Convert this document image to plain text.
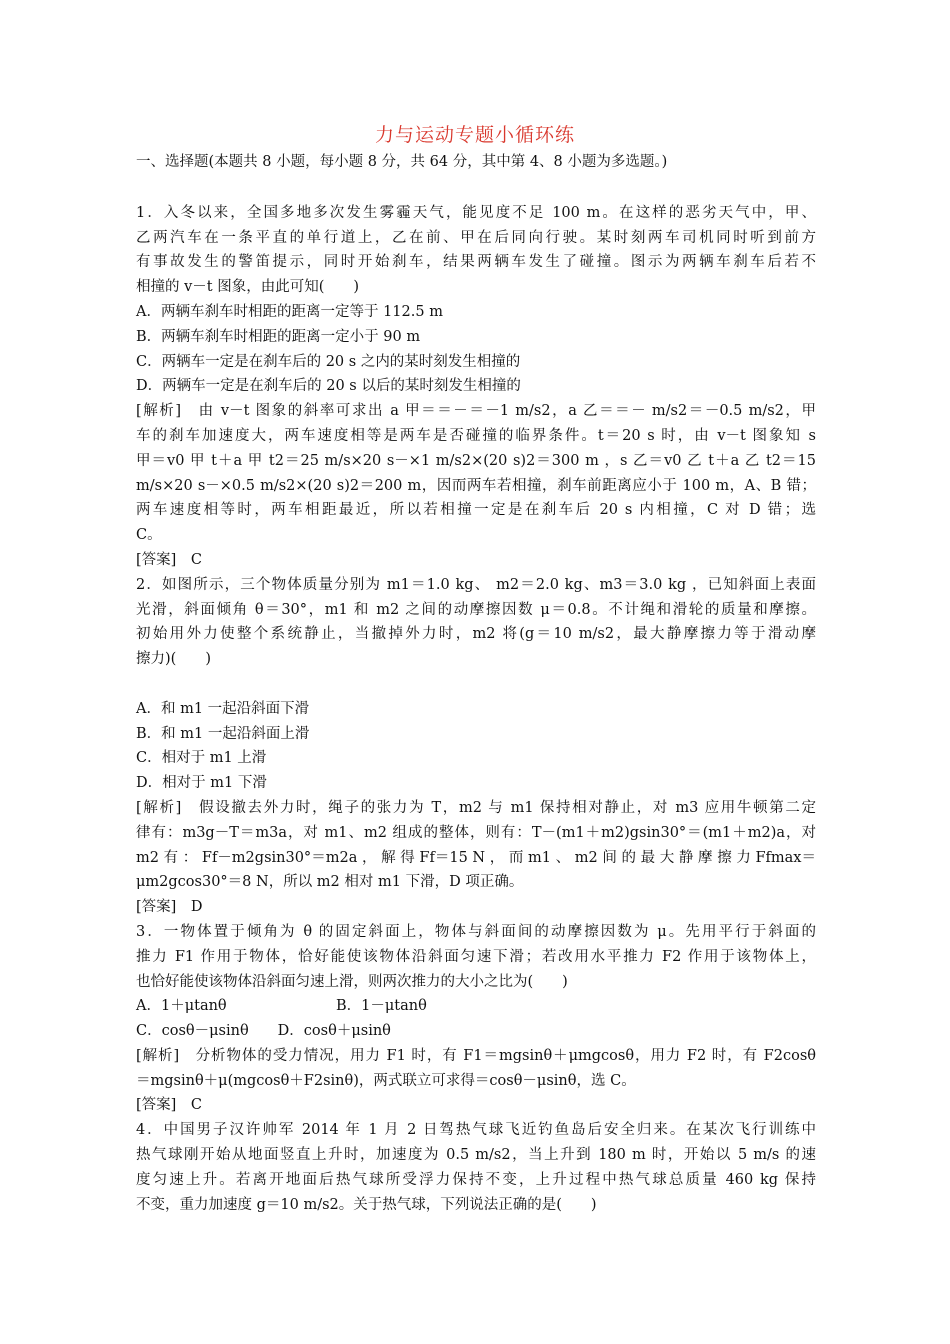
力与运动专题小循环练
一、选择题(本题共 8 小题，每小题 8 分，共 64 分，其中第 4、8 小题为多选题。)
1．入冬以来，全国多地多次发生雾霾天气，能见度不足 100 m。在这样的恶劣天气中，甲、
乙两汽车在一条平直的单行道上，乙在前、甲在后同向行驶。某时刻两车司机同时听到前方
有事故发生的警笛提示，同时开始刹车，结果两辆车发生了碰撞。图示为两辆车刹车后若不
相撞的 v－t 图象，由此可知(　　)
A．两辆车刹车时相距的距离一定等于 112.5 m
B．两辆车刹车时相距的距离一定小于 90 m
C．两辆车一定是在刹车后的 20 s 之内的某时刻发生相撞的
D．两辆车一定是在刹车后的 20 s 以后的某时刻发生相撞的
[解析]　由 v－t 图象的斜率可求出 a 甲＝＝－＝－1 m/s2，a 乙＝＝－ m/s2＝－0.5 m/s2，甲
车的刹车加速度大，两车速度相等是两车是否碰撞的临界条件。t＝20 s 时，由 v－t 图象知 s
甲＝v0 甲 t＋a 甲 t2＝25 m/s×20 s－×1 m/s2×(20 s)2＝300 m ，s 乙＝v0 乙 t＋a 乙 t2＝15
m/s×20 s－×0.5 m/s2×(20 s)2＝200 m，因而两车若相撞，刹车前距离应小于 100 m，A、B 错；
两车速度相等时，两车相距最近，所以若相撞一定是在刹车后 20 s 内相撞，C 对 D 错；选
C。
[答案]　C
2．如图所示，三个物体质量分别为 m1＝1.0 kg、 m2＝2.0 kg、m3＝3.0 kg ，已知斜面上表面
光滑，斜面倾角 θ＝30°，m1 和 m2 之间的动摩擦因数 μ＝0.8。不计绳和滑轮的质量和摩擦。
初始用外力使整个系统静止，当撤掉外力时，m2 将(g＝10 m/s2，最大静摩擦力等于滑动摩
擦力)(　　)
A．和 m1 一起沿斜面下滑
B．和 m1 一起沿斜面上滑
C．相对于 m1 上滑
D．相对于 m1 下滑
[解析]　假设撤去外力时，绳子的张力为 T，m2 与 m1 保持相对静止，对 m3 应用牛顿第二定
律有：m3g－T＝m3a，对 m1、m2 组成的整体，则有：T－(m1＋m2)gsin30°＝(m1＋m2)a，对
m2 有 ： Ff－m2gsin30°＝m2a ， 解 得 Ff＝15 N ， 而 m1 、 m2 间 的 最 大 静 摩 擦 力 Ffmax＝
μm2gcos30°＝8 N，所以 m2 相对 m1 下滑，D 项正确。
[答案]　D
3．一物体置于倾角为 θ 的固定斜面上，物体与斜面间的动摩擦因数为 μ。先用平行于斜面的
推力 F1 作用于物体，恰好能使该物体沿斜面匀速下滑；若改用水平推力 F2 作用于该物体上，
也恰好能使该物体沿斜面匀速上滑，则两次推力的大小之比为(　　)
A．1＋μtanθ	B．1－μtanθ
C．cosθ－μsinθ　　D．cosθ＋μsinθ
[解析]　分析物体的受力情况，用力 F1 时，有 F1＝mgsinθ＋μmgcosθ，用力 F2 时，有 F2cosθ
＝mgsinθ＋μ(mgcosθ＋F2sinθ)，两式联立可求得＝cosθ－μsinθ，选 C。
[答案]　C
4．中国男子汉许帅军 2014 年 1 月 2 日驾热气球飞近钓鱼岛后安全归来。在某次飞行训练中
热气球刚开始从地面竖直上升时，加速度为 0.5 m/s2，当上升到 180 m 时，开始以 5 m/s 的速
度匀速上升。若离开地面后热气球所受浮力保持不变，上升过程中热气球总质量 460 kg 保持
不变，重力加速度 g＝10 m/s2。关于热气球，下列说法正确的是(　　)
